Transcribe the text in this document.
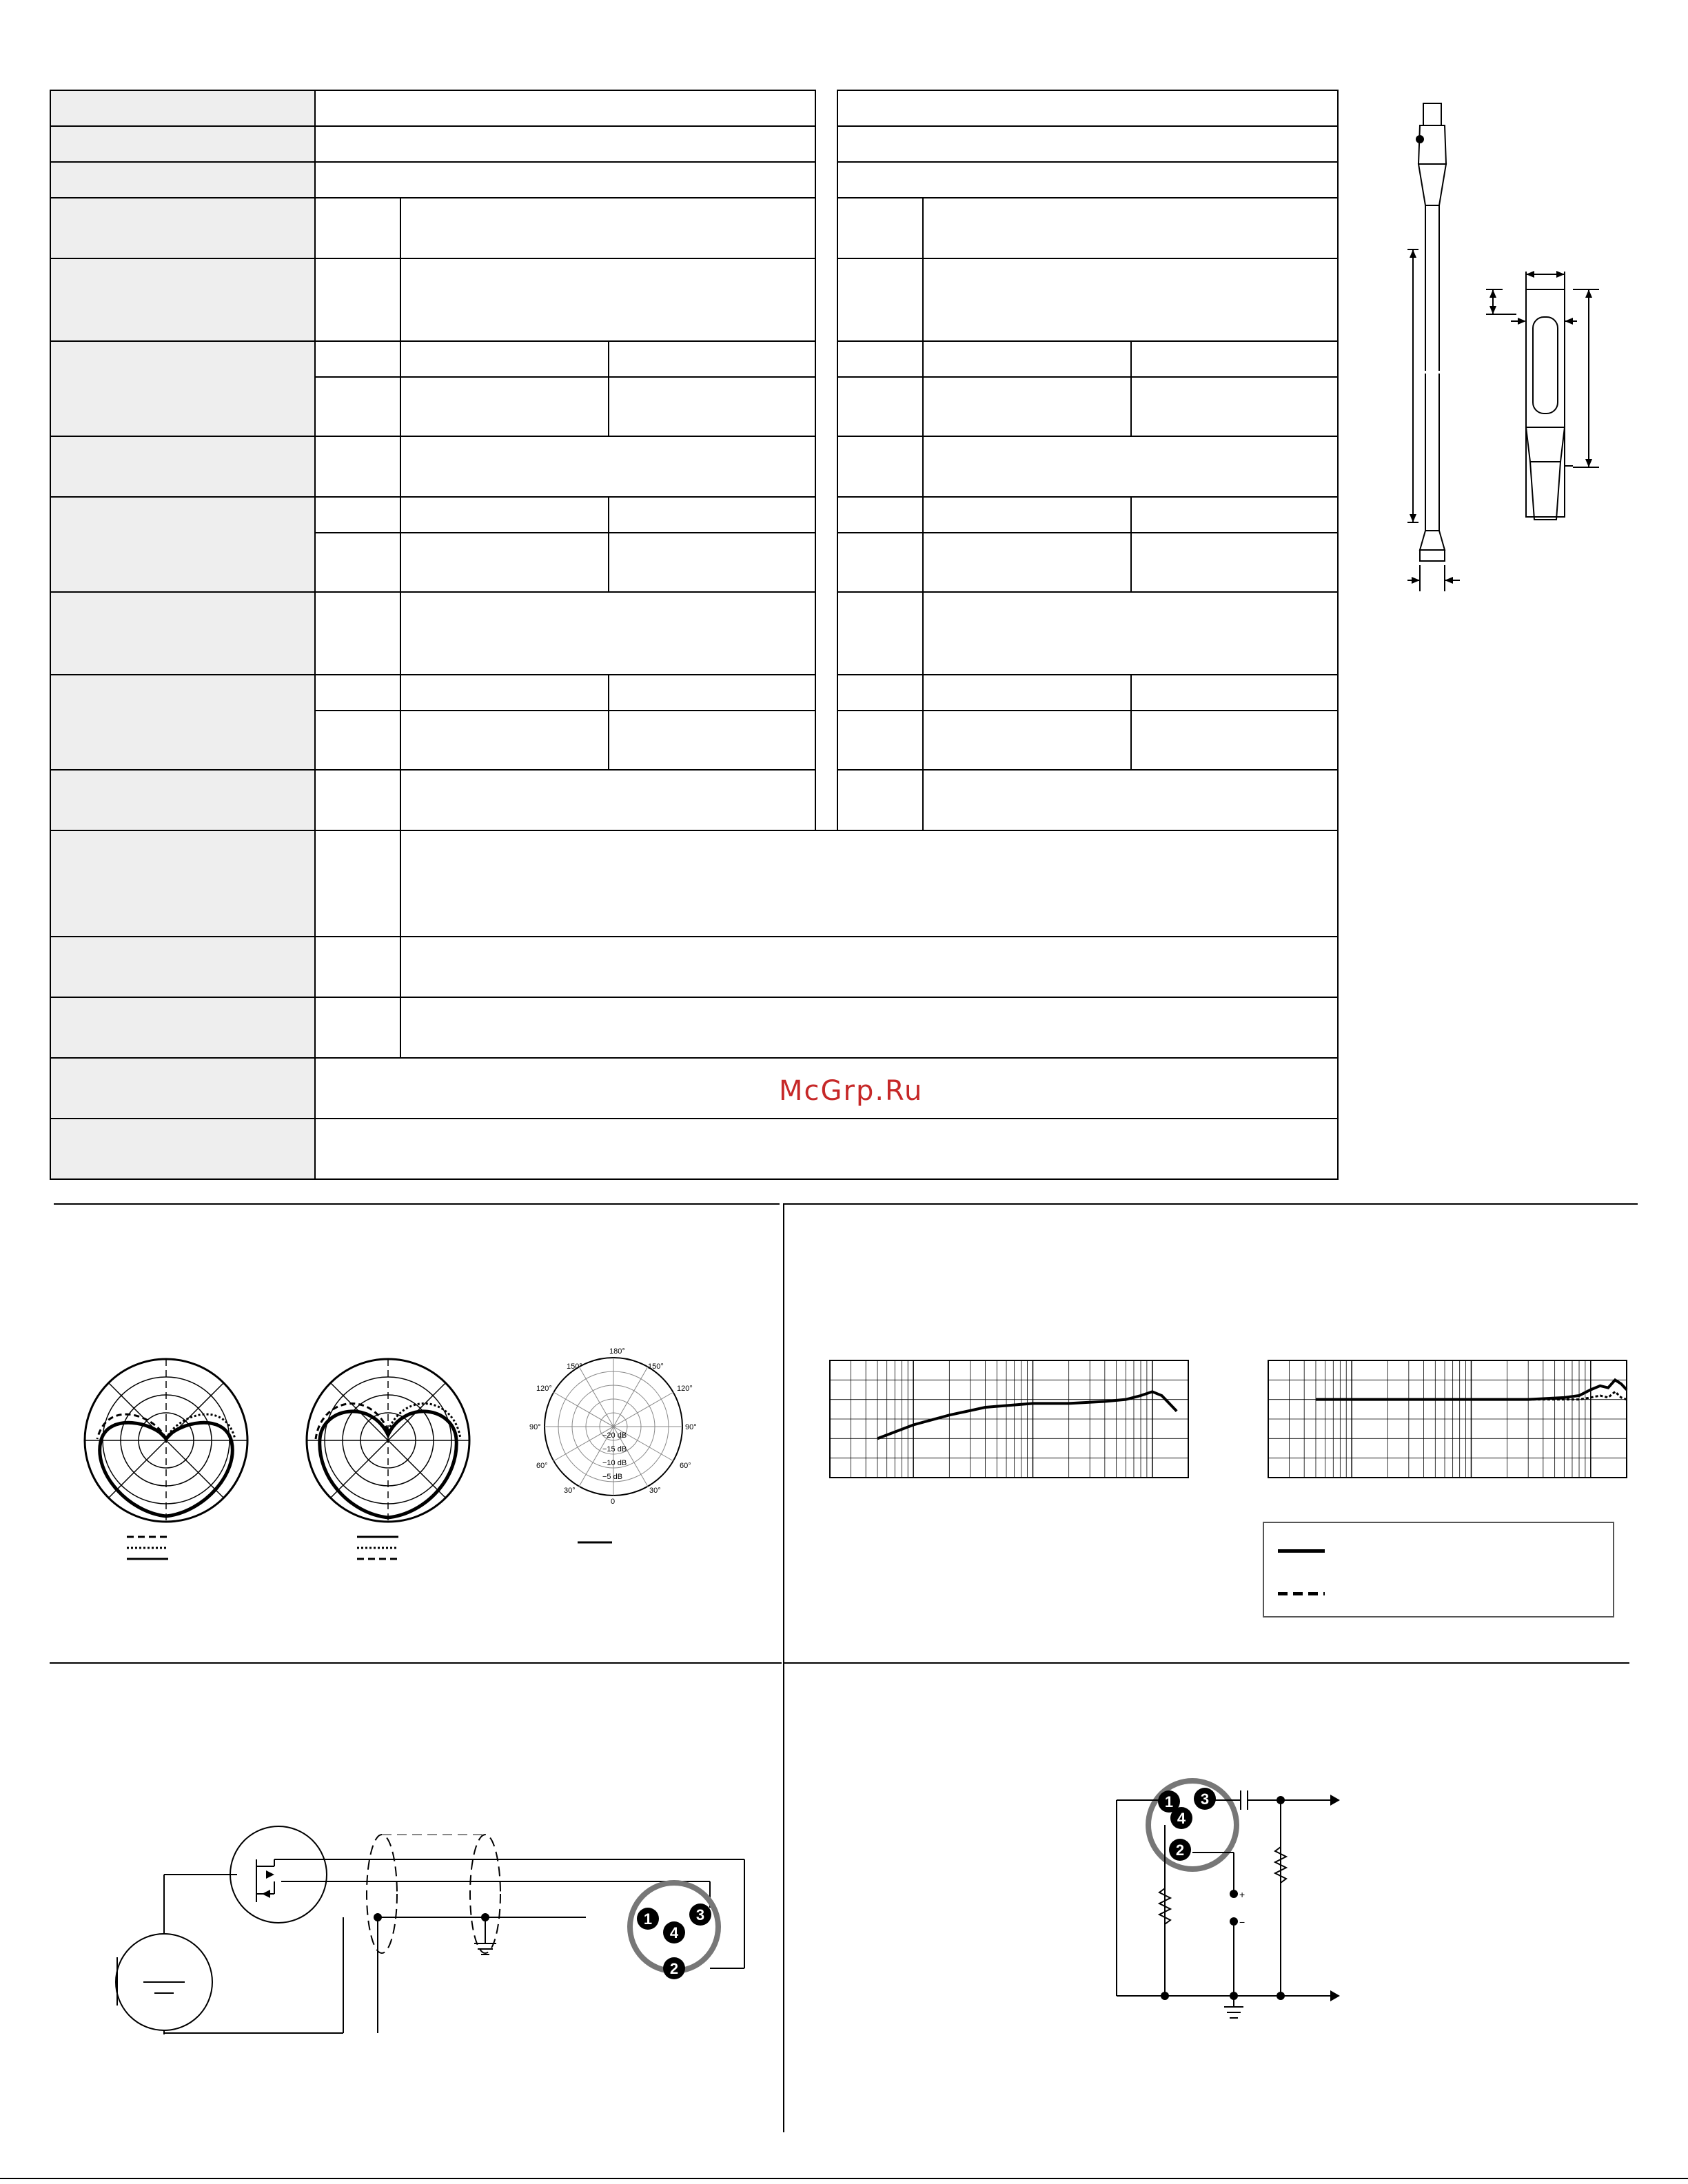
McGrp.Ru
180°
150°	150°
120°	120°
90°	90°
60°	60°
30°	30°
0
−20 dB
−15 dB
−10 dB
−5 dB
1	3
4
2
+
−
1 3
4
2
